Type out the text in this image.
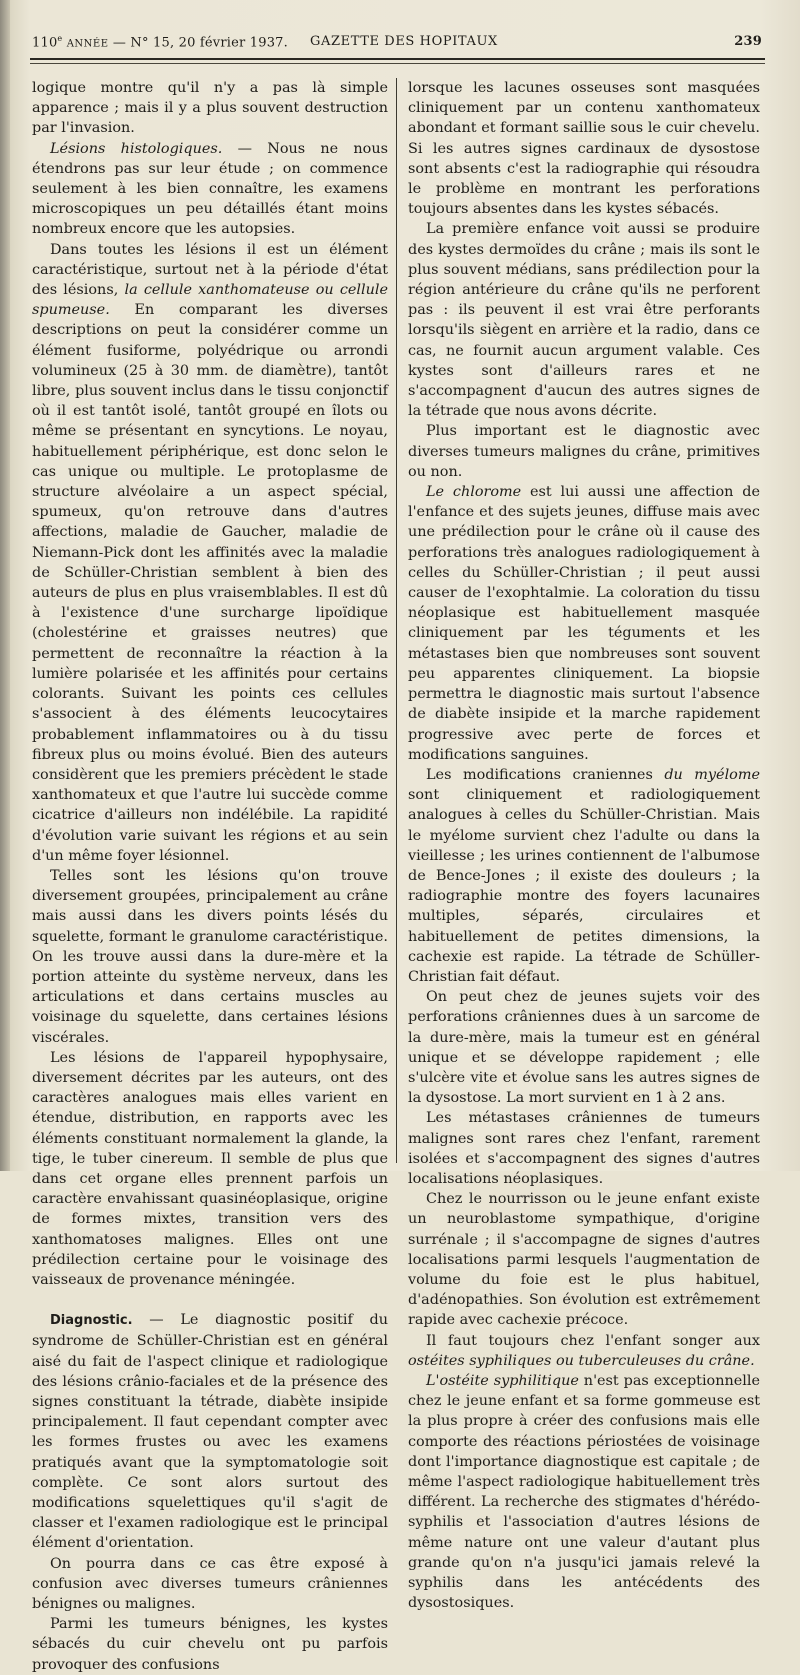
110e ANNÉE — N° 15, 20 février 1937. GAZETTE DES HOPITAUX	239

logique montre qu'il n'y a pas là simple apparence ; mais il y a plus souvent destruction par l'invasion.

Lésions histologiques. — Nous ne nous étendrons pas sur leur étude ; on commence seulement à les bien connaître, les examens microscopiques un peu détaillés étant moins nombreux encore que les autopsies.

Dans toutes les lésions il est un élément caractéristique, surtout net à la période d'état des lésions, la cellule xanthomateuse ou cellule spumeuse. En comparant les diverses descriptions on peut la considérer comme un élément fusiforme, polyédrique ou arrondi volumineux (25 à 30 mm. de diamètre), tantôt libre, plus souvent inclus dans le tissu conjonctif où il est tantôt isolé, tantôt groupé en îlots ou même se présentant en syncytions. Le noyau, habituellement périphérique, est donc selon le cas unique ou multiple. Le protoplasme de structure alvéolaire a un aspect spécial, spumeux, qu'on retrouve dans d'autres affections, maladie de Gaucher, maladie de Niemann-Pick dont les affinités avec la maladie de Schüller-Christian semblent à bien des auteurs de plus en plus vraisemblables. Il est dû à l'existence d'une surcharge lipoïdique (cholestérine et graisses neutres) que permettent de reconnaître la réaction à la lumière polarisée et les affinités pour certains colorants. Suivant les points ces cellules s'associent à des éléments leucocytaires probablement inflammatoires ou à du tissu fibreux plus ou moins évolué. Bien des auteurs considèrent que les premiers précèdent le stade xanthomateux et que l'autre lui succède comme cicatrice d'ailleurs non indélébile. La rapidité d'évolution varie suivant les régions et au sein d'un même foyer lésionnel.

Telles sont les lésions qu'on trouve diversement groupées, principalement au crâne mais aussi dans les divers points lésés du squelette, formant le granulome caractéristique. On les trouve aussi dans la dure-mère et la portion atteinte du système nerveux, dans les articulations et dans certains muscles au voisinage du squelette, dans certaines lésions viscérales.

Les lésions de l'appareil hypophysaire, diversement décrites par les auteurs, ont des caractères analogues mais elles varient en étendue, distribution, en rapports avec les éléments constituant normalement la glande, la tige, le tuber cinereum. Il semble de plus que dans cet organe elles prennent parfois un caractère envahissant quasinéoplasique, origine de formes mixtes, transition vers des xanthomatoses malignes. Elles ont une prédilection certaine pour le voisinage des vaisseaux de provenance méningée.

Diagnostic. — Le diagnostic positif du syndrome de Schüller-Christian est en général aisé du fait de l'aspect clinique et radiologique des lésions crânio-faciales et de la présence des signes constituant la tétrade, diabète insipide principalement. Il faut cependant compter avec les formes frustes ou avec les examens pratiqués avant que la symptomatologie soit complète. Ce sont alors surtout des modifications squelettiques qu'il s'agit de classer et l'examen radiologique est le principal élément d'orientation.

On pourra dans ce cas être exposé à confusion avec diverses tumeurs crâniennes bénignes ou malignes.

Parmi les tumeurs bénignes, les kystes sébacés du cuir chevelu ont pu parfois provoquer des confusions

lorsque les lacunes osseuses sont masquées cliniquement par un contenu xanthomateux abondant et formant saillie sous le cuir chevelu. Si les autres signes cardinaux de dysostose sont absents c'est la radiographie qui résoudra le problème en montrant les perforations toujours absentes dans les kystes sébacés.

La première enfance voit aussi se produire des kystes dermoïdes du crâne ; mais ils sont le plus souvent médians, sans prédilection pour la région antérieure du crâne qu'ils ne perforent pas : ils peuvent il est vrai être perforants lorsqu'ils siègent en arrière et la radio, dans ce cas, ne fournit aucun argument valable. Ces kystes sont d'ailleurs rares et ne s'accompagnent d'aucun des autres signes de la tétrade que nous avons décrite.

Plus important est le diagnostic avec diverses tumeurs malignes du crâne, primitives ou non.

Le chlorome est lui aussi une affection de l'enfance et des sujets jeunes, diffuse mais avec une prédilection pour le crâne où il cause des perforations très analogues radiologiquement à celles du Schüller-Christian ; il peut aussi causer de l'exophtalmie. La coloration du tissu néoplasique est habituellement masquée cliniquement par les téguments et les métastases bien que nombreuses sont souvent peu apparentes cliniquement. La biopsie permettra le diagnostic mais surtout l'absence de diabète insipide et la marche rapidement progressive avec perte de forces et modifications sanguines.

Les modifications craniennes du myélome sont cliniquement et radiologiquement analogues à celles du Schüller-Christian. Mais le myélome survient chez l'adulte ou dans la vieillesse ; les urines contiennent de l'albumose de Bence-Jones ; il existe des douleurs ; la radiographie montre des foyers lacunaires multiples, séparés, circulaires et habituellement de petites dimensions, la cachexie est rapide. La tétrade de Schüller-Christian fait défaut.

On peut chez de jeunes sujets voir des perforations crâniennes dues à un sarcome de la dure-mère, mais la tumeur est en général unique et se développe rapidement ; elle s'ulcère vite et évolue sans les autres signes de la dysostose. La mort survient en 1 à 2 ans.

Les métastases crâniennes de tumeurs malignes sont rares chez l'enfant, rarement isolées et s'accompagnent des signes d'autres localisations néoplasiques.

Chez le nourrisson ou le jeune enfant existe un neuroblastome sympathique, d'origine surrénale ; il s'accompagne de signes d'autres localisations parmi lesquels l'augmentation de volume du foie est le plus habituel, d'adénopathies. Son évolution est extrêmement rapide avec cachexie précoce.

Il faut toujours chez l'enfant songer aux ostéites syphiliques ou tuberculeuses du crâne.

L'ostéite syphilitique n'est pas exceptionnelle chez le jeune enfant et sa forme gommeuse est la plus propre à créer des confusions mais elle comporte des réactions périostées de voisinage dont l'importance diagnostique est capitale ; de même l'aspect radiologique habituellement très différent. La recherche des stigmates d'hérédo-syphilis et l'association d'autres lésions de même nature ont une valeur d'autant plus grande qu'on n'a jusqu'ici jamais relevé la syphilis dans les antécédents des dysostosiques.
